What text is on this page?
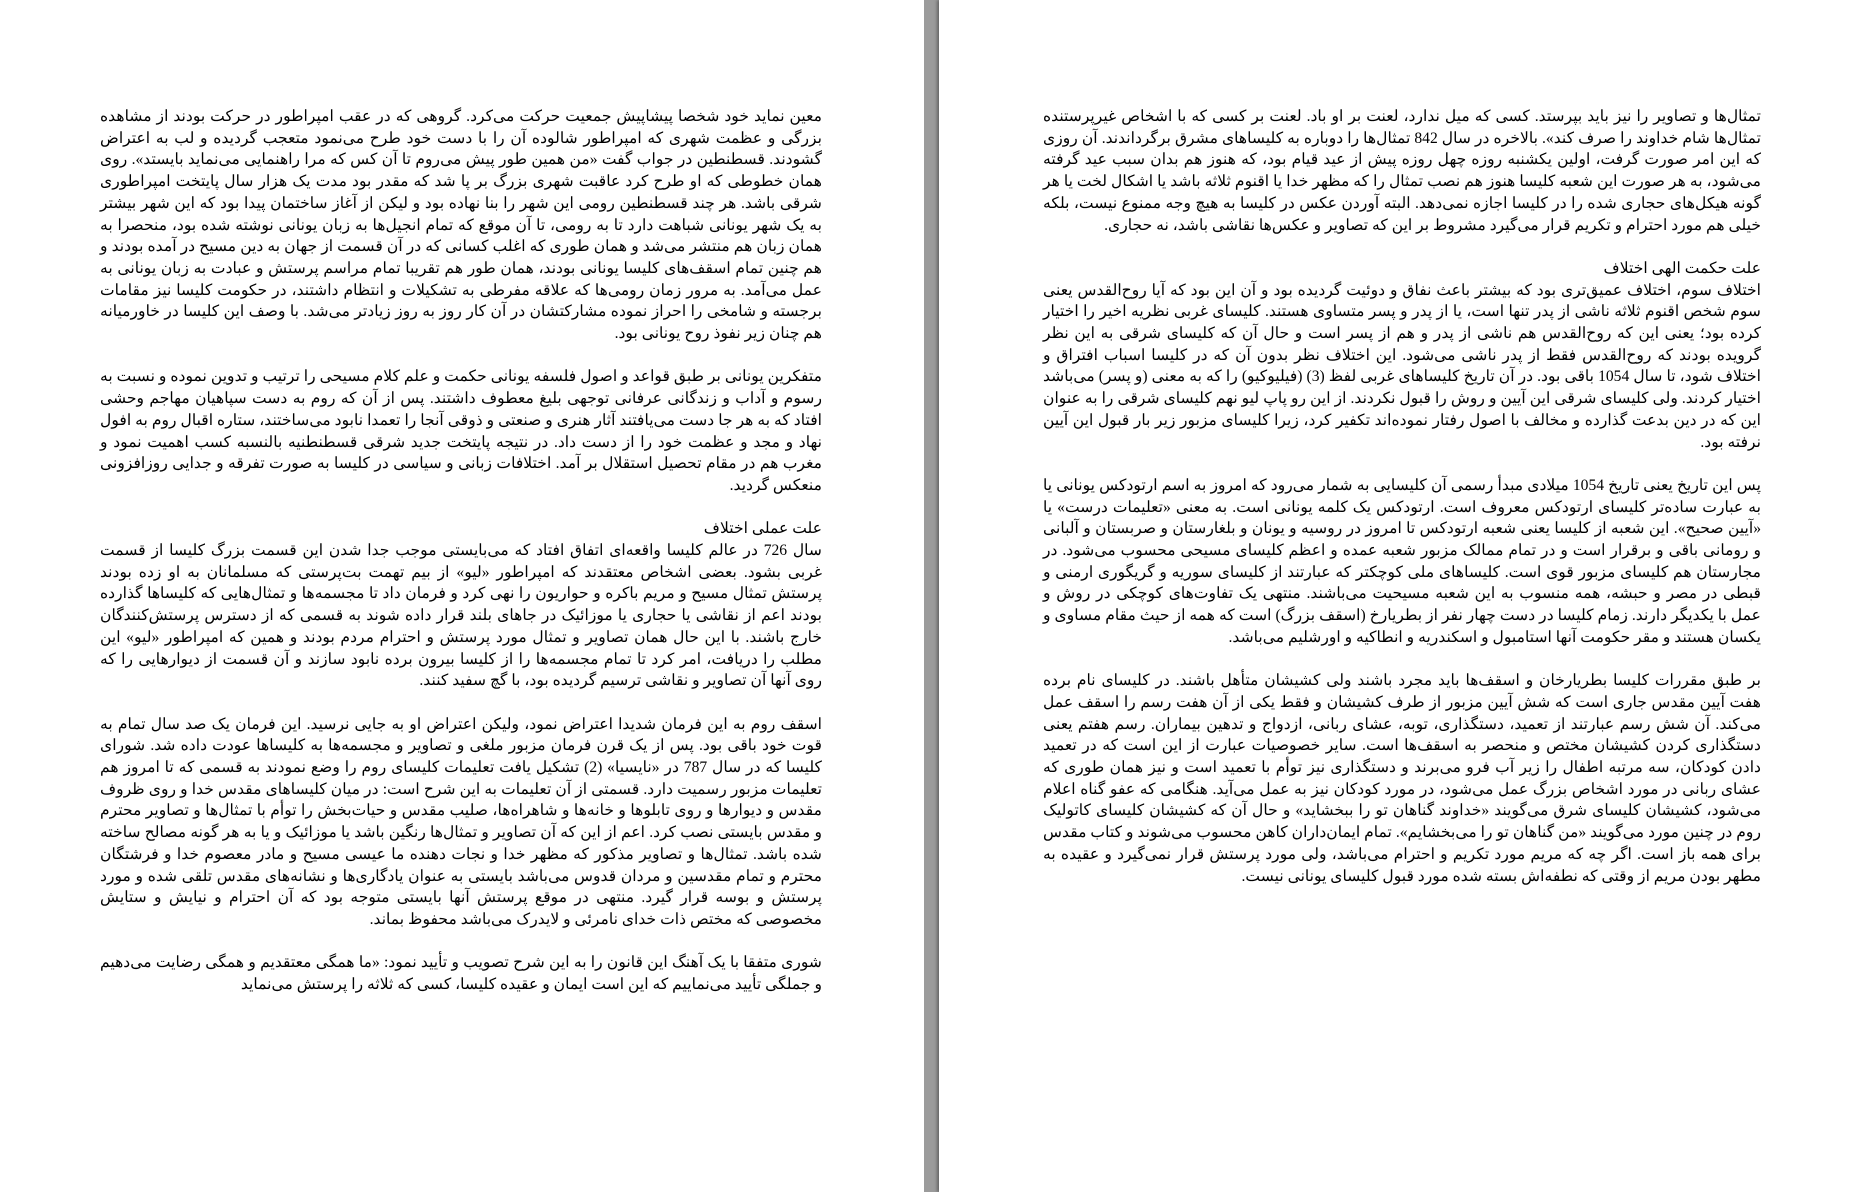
معین نماید خود شخصا پیشاپیش جمعیت حرکت می‌کرد. گروهی که در عقب امپراطور در حرکت بودند از مشاهده بزرگی و عظمت شهری که امپراطور شالوده آن را با دست خود طرح می‌نمود متعجب گردیده و لب به اعتراض گشودند. قسطنطین در جواب گفت «من همین طور پیش می‌روم تا آن کس که مرا راهنمایی می‌نماید بایستد». روی همان خطوطی که او طرح کرد عاقبت شهری بزرگ بر پا شد که مقدر بود مدت یک هزار سال پایتخت امپراطوری شرقی باشد. هر چند قسطنطین رومی این شهر را بنا نهاده بود و لیکن از آغاز ساختمان پیدا بود که این شهر بیشتر به یک شهر یونانی شباهت دارد تا به رومی، تا آن موقع که تمام انجیل‌ها به زبان یونانی نوشته شده بود، منحصرا به همان زبان هم منتشر می‌شد و همان طوری که اغلب کسانی که در آن قسمت از جهان به دین مسیح در آمده بودند و هم چنین تمام اسقف‌های کلیسا یونانی بودند، همان طور هم تقریبا تمام مراسم پرستش و عبادت به زبان یونانی به عمل می‌آمد. به مرور زمان رومی‌ها که علاقه مفرطی به تشکیلات و انتظام داشتند، در حکومت کلیسا نیز مقامات برجسته و شامخی را احراز نموده مشارکتشان در آن کار روز به روز زیادتر می‌شد. با وصف این کلیسا در خاورمیانه هم چنان زیر نفوذ روح یونانی بود.

متفکرین یونانی بر طبق قواعد و اصول فلسفه یونانی حکمت و علم کلام مسیحی را ترتیب و تدوین نموده و نسبت به رسوم و آداب و زندگانی عرفانی توجهی بلیغ معطوف داشتند. پس از آن که روم به دست سپاهیان مهاجم وحشی افتاد که به هر جا دست می‌یافتند آثار هنری و صنعتی و ذوقی آنجا را تعمدا نابود می‌ساختند، ستاره اقبال روم به افول نهاد و مجد و عظمت خود را از دست داد. در نتیجه پایتخت جدید شرقی قسطنطنیه بالنسبه کسب اهمیت نمود و مغرب هم در مقام تحصیل استقلال بر آمد. اختلافات زبانی و سیاسی در کلیسا به صورت تفرقه و جدایی روزافزونی منعکس گردید.

علت عملی اختلاف

سال 726 در عالم کلیسا واقعه‌ای اتفاق افتاد که می‌بایستی موجب جدا شدن این قسمت بزرگ کلیسا از قسمت غربی بشود. بعضی اشخاص معتقدند که امپراطور «لیو» از بیم تهمت بت‌پرستی که مسلمانان به او زده بودند پرستش تمثال مسیح و مریم باکره و حواریون را نهی کرد و فرمان داد تا مجسمه‌ها و تمثال‌هایی که کلیساها گذارده بودند اعم از نقاشی یا حجاری یا موزائیک در جاهای بلند قرار داده شوند به قسمی که از دسترس پرستش‌کنندگان خارج باشند. با این حال همان تصاویر و تمثال مورد پرستش و احترام مردم بودند و همین که امپراطور «لیو» این مطلب را دریافت، امر کرد تا تمام مجسمه‌ها را از کلیسا بیرون برده نابود سازند و آن قسمت از دیوارهایی را که روی آنها آن تصاویر و نقاشی ترسیم گردیده بود، با گچ سفید کنند.

اسقف روم به این فرمان شدیدا اعتراض نمود، ولیکن اعتراض او به جایی نرسید. این فرمان یک صد سال تمام به قوت خود باقی بود. پس از یک قرن فرمان مزبور ملغی و تصاویر و مجسمه‌ها به کلیساها عودت داده شد. شورای کلیسا که در سال 787 در «نایسیا» (2) تشکیل یافت تعلیمات کلیسای روم را وضع نمودند به قسمی که تا امروز هم تعلیمات مزبور رسمیت دارد. قسمتی از آن تعلیمات به این شرح است: در میان کلیساهای مقدس خدا و روی ظروف مقدس و دیوارها و روی تابلوها و خانه‌ها و شاهراه‌ها، صلیب مقدس و حیات‌بخش را توأم با تمثال‌ها و تصاویر محترم و مقدس بایستی نصب کرد. اعم از این که آن تصاویر و تمثال‌ها رنگین باشد یا موزائیک و یا به هر گونه مصالح ساخته شده باشد. تمثال‌ها و تصاویر مذکور که مظهر خدا و نجات دهنده ما عیسی مسیح و مادر معصوم خدا و فرشتگان محترم و تمام مقدسین و مردان قدوس می‌باشد بایستی به عنوان یادگاری‌ها و نشانه‌های مقدس تلقی شده و مورد پرستش و بوسه قرار گیرد. منتهی در موقع پرستش آنها بایستی متوجه بود که آن احترام و نیایش و ستایش مخصوصی که مختص ذات خدای نامرئی و لایدرک می‌باشد محفوظ بماند.

شوری متفقا با یک آهنگ این قانون را به این شرح تصویب و تأیید نمود: «ما همگی معتقدیم و همگی رضایت می‌دهیم و جملگی تأیید می‌نماییم که این است ایمان و عقیده کلیسا، کسی که ثلاثه را پرستش می‌نماید

تمثال‌ها و تصاویر را نیز باید بپرستد. کسی که میل ندارد، لعنت بر او باد. لعنت بر کسی که با اشخاص غیرپرستنده تمثال‌ها شام خداوند را صرف کند». بالاخره در سال 842 تمثال‌ها را دوباره به کلیساهای مشرق برگرداندند. آن روزی که این امر صورت گرفت، اولین یکشنبه روزه چهل روزه پیش از عید قیام بود، که هنوز هم بدان سبب عید گرفته می‌شود، به هر صورت این شعبه کلیسا هنوز هم نصب تمثال را که مظهر خدا یا اقنوم ثلاثه باشد یا اشکال لخت یا هر گونه هیکل‌های حجاری شده را در کلیسا اجازه نمی‌دهد. البته آوردن عکس در کلیسا به هیچ وجه ممنوع نیست، بلکه خیلی هم مورد احترام و تکریم قرار می‌گیرد مشروط بر این که تصاویر و عکس‌ها نقاشی باشد، نه حجاری.

علت حکمت الهی اختلاف

اختلاف سوم، اختلاف عمیق‌تری بود که بیشتر باعث نفاق و دوئیت گردیده بود و آن این بود که آیا روح‌القدس یعنی سوم شخص اقنوم ثلاثه ناشی از پدر تنها است، یا از پدر و پسر متساوی هستند. کلیسای غربی نظریه اخیر را اختیار کرده بود؛ یعنی این که روح‌القدس هم ناشی از پدر و هم از پسر است و حال آن که کلیسای شرقی به این نظر گرویده بودند که روح‌القدس فقط از پدر ناشی می‌شود. این اختلاف نظر بدون آن که در کلیسا اسباب افتراق و اختلاف شود، تا سال 1054 باقی بود. در آن تاریخ کلیساهای غربی لفظ (3) (فیلیوکیو) را که به معنی (و پسر) می‌باشد اختیار کردند. ولی کلیسای شرقی این آیین و روش را قبول نکردند. از این رو پاپ لیو نهم کلیسای شرقی را به عنوان این که در دین بدعت گذارده و مخالف با اصول رفتار نموده‌اند تکفیر کرد، زیرا کلیسای مزبور زیر بار قبول این آیین نرفته بود.

پس این تاریخ یعنی تاریخ 1054 میلادی مبدأ رسمی آن کلیسایی به شمار می‌رود که امروز به اسم ارتودکس یونانی یا به عبارت ساده‌تر کلیسای ارتودکس معروف است. ارتودکس یک کلمه یونانی است. به معنی «تعلیمات درست» یا «آیین صحیح». این شعبه از کلیسا یعنی شعبه ارتودکس تا امروز در روسیه و یونان و بلغارستان و صربستان و آلبانی و رومانی باقی و برقرار است و در تمام ممالک مزبور شعبه عمده و اعظم کلیسای مسیحی محسوب می‌شود. در مجارستان هم کلیسای مزبور قوی است. کلیساهای ملی کوچکتر که عبارتند از کلیسای سوریه و گریگوری ارمنی و قبطی در مصر و حبشه، همه منسوب به این شعبه مسیحیت می‌باشند. منتهی یک تفاوت‌های کوچکی در روش و عمل با یکدیگر دارند. زمام کلیسا در دست چهار نفر از بطریارخ (اسقف بزرگ) است که همه از حیث مقام مساوی و یکسان هستند و مقر حکومت آنها استامبول و اسکندریه و انطاکیه و اورشلیم می‌باشد.

بر طبق مقررات کلیسا بطریارخان و اسقف‌ها باید مجرد باشند ولی کشیشان متأهل باشند. در کلیسای نام برده هفت آیین مقدس جاری است که شش آیین مزبور از طرف کشیشان و فقط یکی از آن هفت رسم را اسقف عمل می‌کند. آن شش رسم عبارتند از تعمید، دستگذاری، توبه، عشای ربانی، ازدواج و تدهین بیماران. رسم هفتم یعنی دستگذاری کردن کشیشان مختص و منحصر به اسقف‌ها است. سایر خصوصیات عبارت از این است که در تعمید دادن کودکان، سه مرتبه اطفال را زیر آب فرو می‌برند و دستگذاری نیز توأم با تعمید است و نیز همان طوری که عشای ربانی در مورد اشخاص بزرگ عمل می‌شود، در مورد کودکان نیز به عمل می‌آید. هنگامی که عفو گناه اعلام می‌شود، کشیشان کلیسای شرق می‌گویند «خداوند گناهان تو را ببخشاید» و حال آن که کشیشان کلیسای کاتولیک روم در چنین مورد می‌گویند «من گناهان تو را می‌بخشایم». تمام ایمان‌داران کاهن محسوب می‌شوند و کتاب مقدس برای همه باز است. اگر چه که مریم مورد تکریم و احترام می‌باشد، ولی مورد پرستش قرار نمی‌گیرد و عقیده به مطهر بودن مریم از وقتی که نطفه‌اش بسته شده مورد قبول کلیسای یونانی نیست.
